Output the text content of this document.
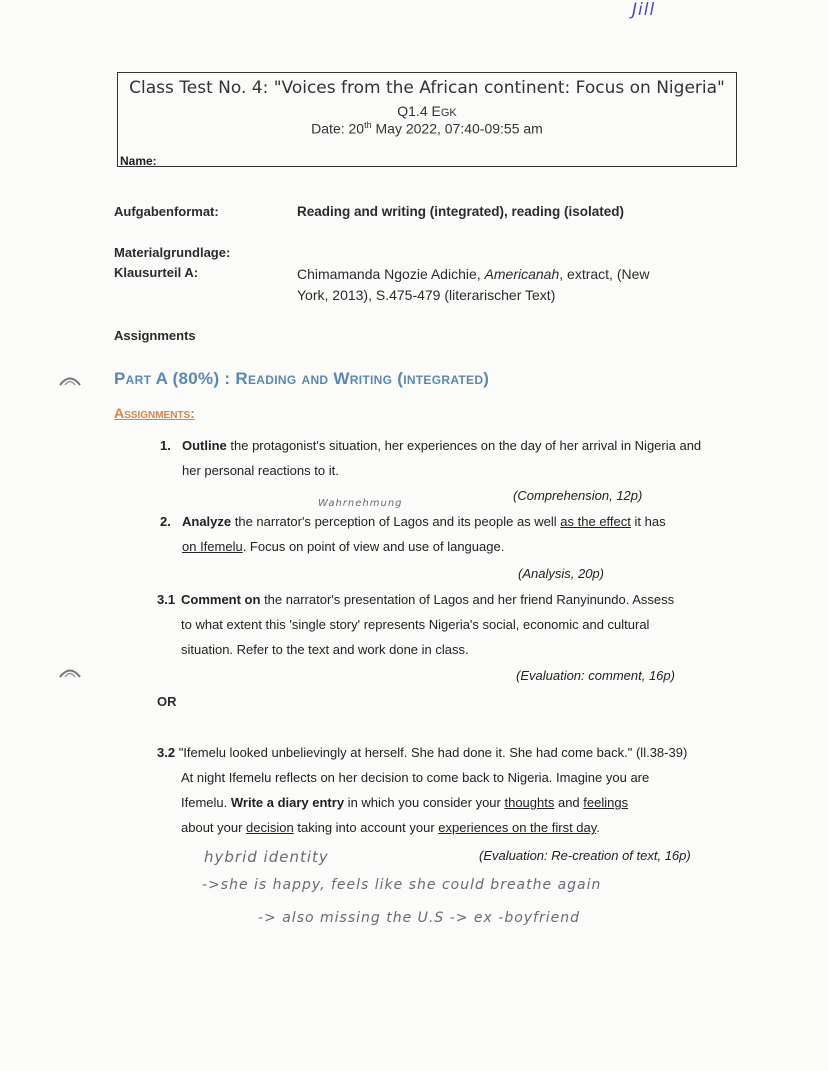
Jill
Class Test No. 4: "Voices from the African continent: Focus on Nigeria"
Q1.4 EGK
Date: 20th May 2022, 07:40-09:55 am
Name:
Aufgabenformat:	Reading and writing (integrated), reading (isolated)
Materialgrundlage:
Klausurteil A:	Chimamanda Ngozie Adichie, Americanah, extract, (New
York, 2013), S.475-479 (literarischer Text)
Assignments
Part A (80%) : Reading and Writing (integrated)
Assignments:
1. Outline the protagonist's situation, her experiences on the day of her arrival in Nigeria and
her personal reactions to it.
(Comprehension, 12p)
Wahrnehmung
2. Analyze the narrator's perception of Lagos and its people as well as the effect it has
on Ifemelu. Focus on point of view and use of language.
(Analysis, 20p)
3.1 Comment on the narrator's presentation of Lagos and her friend Ranyinundo. Assess
to what extent this 'single story' represents Nigeria's social, economic and cultural
situation. Refer to the text and work done in class.
(Evaluation: comment, 16p)
OR
3.2 "Ifemelu looked unbelievingly at herself. She had done it. She had come back." (ll.38-39)
At night Ifemelu reflects on her decision to come back to Nigeria. Imagine you are
Ifemelu. Write a diary entry in which you consider your thoughts and feelings
about your decision taking into account your experiences on the first day.
(Evaluation: Re-creation of text, 16p)
hybrid identity
->she is happy, feels like she could breathe again
-> also missing the U.S -> ex -boyfriend
